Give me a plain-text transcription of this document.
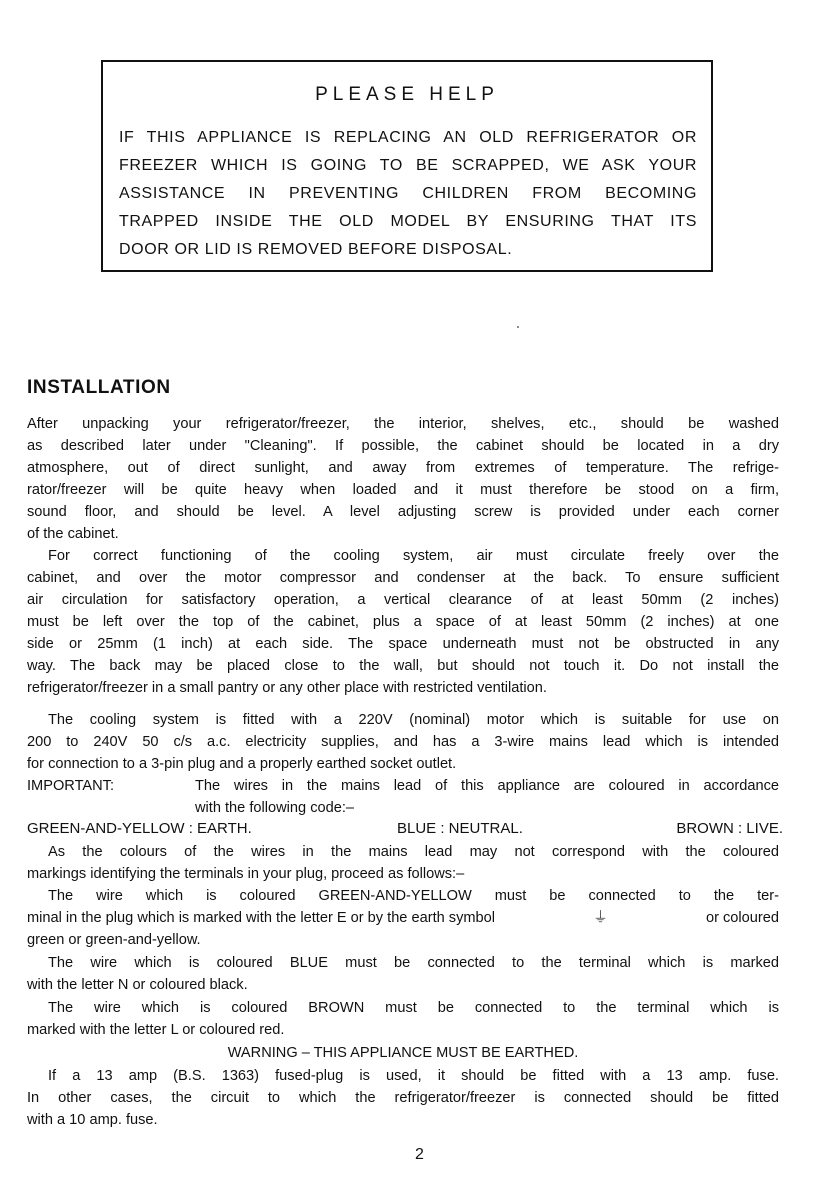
PLEASE HELP
IF THIS APPLIANCE IS REPLACING AN OLD REFRIGERATOR OR
FREEZER WHICH IS GOING TO BE SCRAPPED, WE ASK YOUR
ASSISTANCE IN PREVENTING CHILDREN FROM BECOMING
TRAPPED INSIDE THE OLD MODEL BY ENSURING THAT ITS
DOOR OR LID IS REMOVED BEFORE DISPOSAL.
INSTALLATION
After unpacking your refrigerator/freezer, the interior, shelves, etc., should be washed
as described later under "Cleaning". If possible, the cabinet should be located in a dry
atmosphere, out of direct sunlight, and away from extremes of temperature. The refrige-
rator/freezer will be quite heavy when loaded and it must therefore be stood on a firm,
sound floor, and should be level. A level adjusting screw is provided under each corner
of the cabinet.
For correct functioning of the cooling system, air must circulate freely over the
cabinet, and over the motor compressor and condenser at the back. To ensure sufficient
air circulation for satisfactory operation, a vertical clearance of at least 50mm (2 inches)
must be left over the top of the cabinet, plus a space of at least 50mm (2 inches) at one
side or 25mm (1 inch) at each side. The space underneath must not be obstructed in any
way. The back may be placed close to the wall, but should not touch it. Do not install the
refrigerator/freezer in a small pantry or any other place with restricted ventilation.
The cooling system is fitted with a 220V (nominal) motor which is suitable for use on
200 to 240V 50 c/s a.c. electricity supplies, and has a 3-wire mains lead which is intended
for connection to a 3-pin plug and a properly earthed socket outlet.
IMPORTANT:	The wires in the mains lead of this appliance are coloured in accordance
with the following code:–
GREEN-AND-YELLOW : EARTH.	BLUE : NEUTRAL.	BROWN : LIVE.
As the colours of the wires in the mains lead may not correspond with the coloured
markings identifying the terminals in your plug, proceed as follows:–
The wire which is coloured GREEN-AND-YELLOW must be connected to the ter-
minal in the plug which is marked with the letter E or by the earth symbol	⏚	or coloured
green or green-and-yellow.
The wire which is coloured BLUE must be connected to the terminal which is marked
with the letter N or coloured black.
The wire which is coloured BROWN must be connected to the terminal which is
marked with the letter L or coloured red.
WARNING – THIS APPLIANCE MUST BE EARTHED.
If a 13 amp (B.S. 1363) fused-plug is used, it should be fitted with a 13 amp. fuse.
In other cases, the circuit to which the refrigerator/freezer is connected should be fitted
with a 10 amp. fuse.
2
